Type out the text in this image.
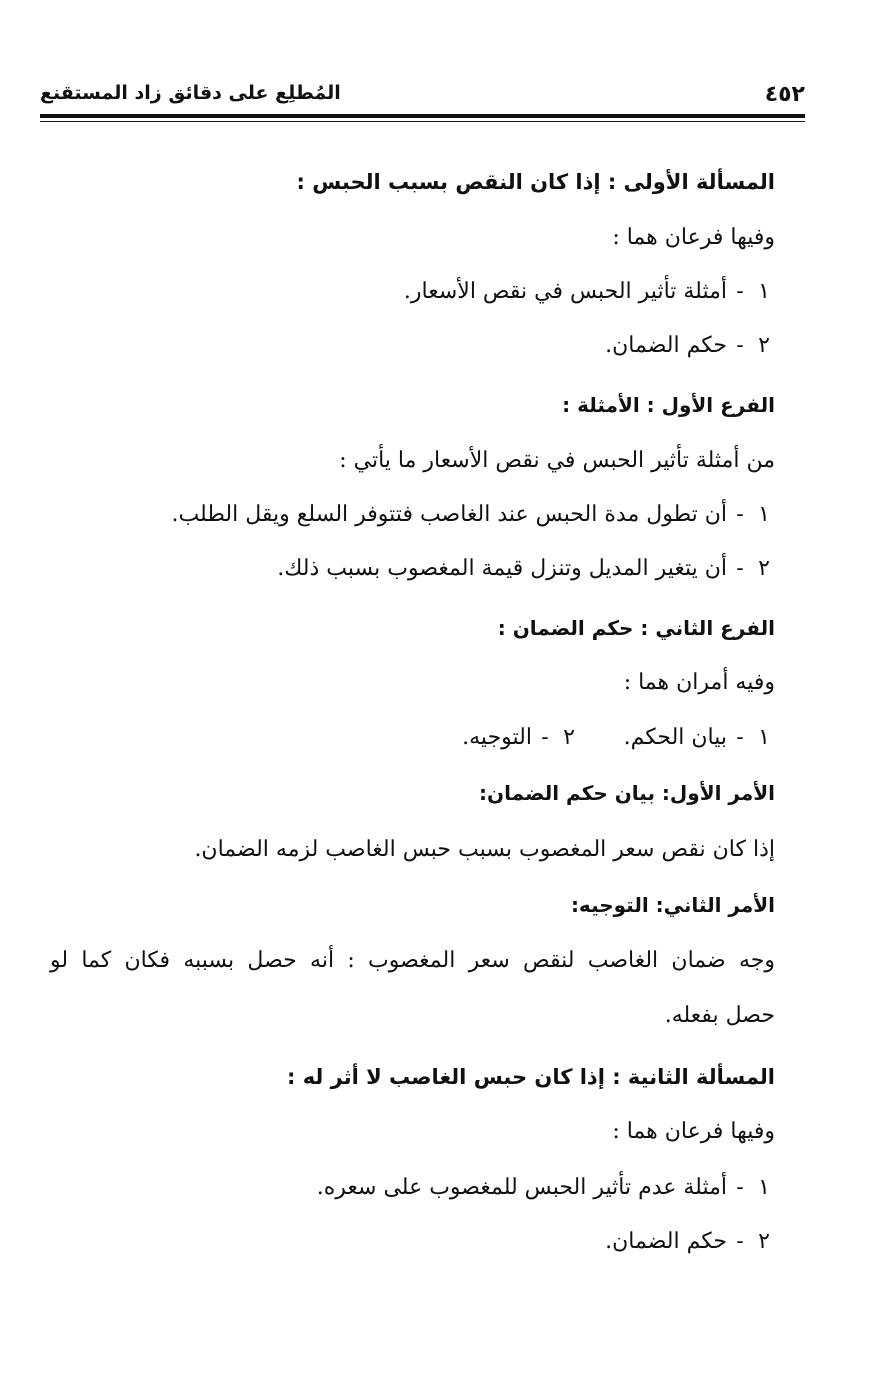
٤٥٢
المُطلِع على دقائق زاد المستقنع
المسألة الأولى : إذا كان النقص بسبب الحبس :
وفيها فرعان هما :
١-أمثلة تأثير الحبس في نقص الأسعار.
٢-حكم الضمان.
الفرع الأول : الأمثلة :
من أمثلة تأثير الحبس في نقص الأسعار ما يأتي :
١-أن تطول مدة الحبس عند الغاصب فتتوفر السلع ويقل الطلب.
٢-أن يتغير المديل وتنزل قيمة المغصوب بسبب ذلك.
الفرع الثاني : حكم الضمان :
وفيه أمران هما :
١-بيان الحكم.٢-التوجيه.
الأمر الأول: بيان حكم الضمان:
إذا كان نقص سعر المغصوب بسبب حبس الغاصب لزمه الضمان.
الأمر الثاني: التوجيه:
وجه ضمان الغاصب لنقص سعر المغصوب : أنه حصل بسببه فكان كما لو
حصل بفعله.
المسألة الثانية : إذا كان حبس الغاصب لا أثر له :
وفيها فرعان هما :
١-أمثلة عدم تأثير الحبس للمغصوب على سعره.
٢-حكم الضمان.
